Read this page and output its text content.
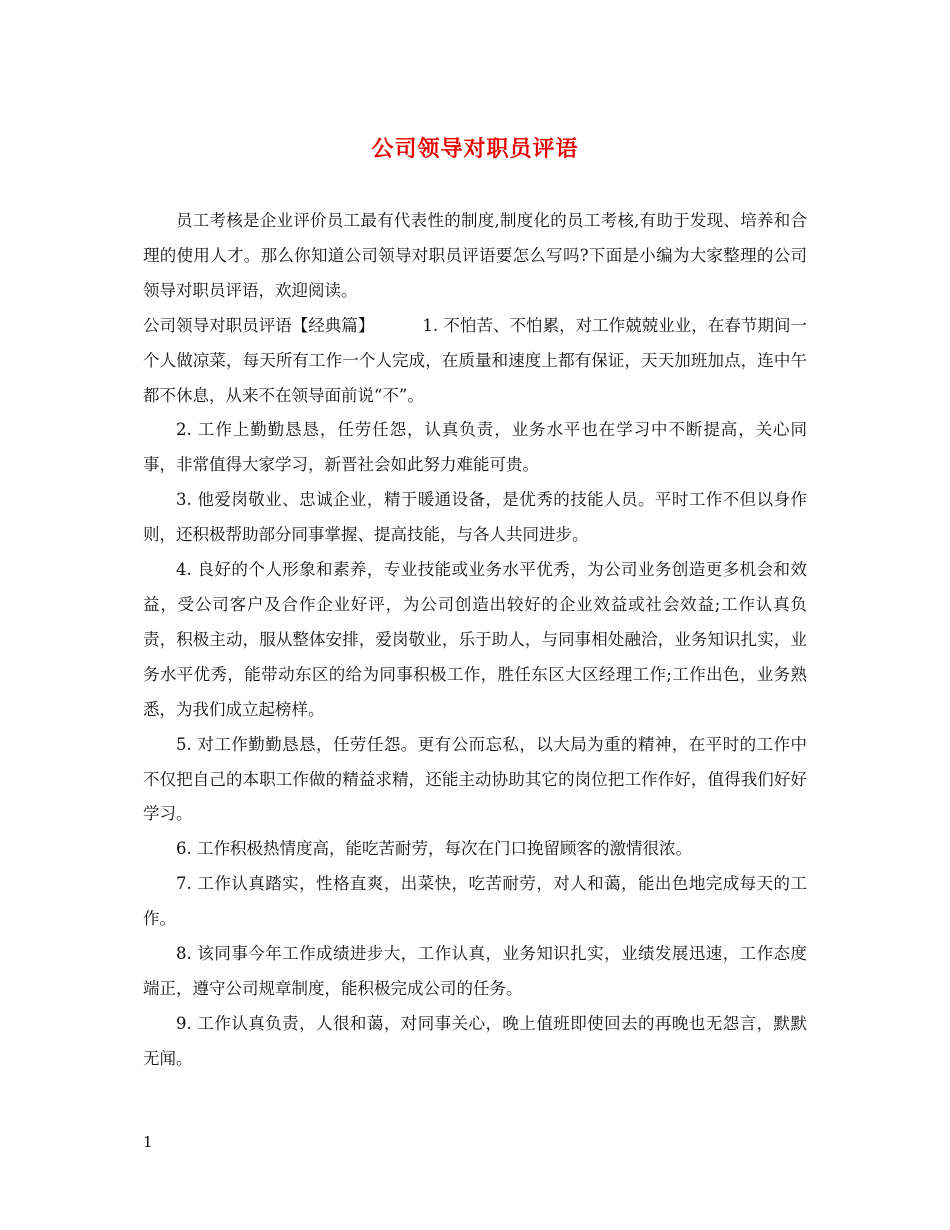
公司领导对职员评语

员工考核是企业评价员工最有代表性的制度,制度化的员工考核,有助于发现、培养和合理的使用人才。那么你知道公司领导对职员评语要怎么写吗?下面是小编为大家整理的公司领导对职员评语，欢迎阅读。

公司领导对职员评语【经典篇】	1. 不怕苦、不怕累，对工作兢兢业业，在春节期间一个人做凉菜，每天所有工作一个人完成，在质量和速度上都有保证，天天加班加点，连中午都不休息，从来不在领导面前说“不”。

2. 工作上勤勤恳恳，任劳任怨，认真负责，业务水平也在学习中不断提高，关心同事，非常值得大家学习，新晋社会如此努力难能可贵。

3. 他爱岗敬业、忠诚企业，精于暖通设备，是优秀的技能人员。平时工作不但以身作则，还积极帮助部分同事掌握、提高技能，与各人共同进步。

4. 良好的个人形象和素养，专业技能或业务水平优秀，为公司业务创造更多机会和效益，受公司客户及合作企业好评，为公司创造出较好的企业效益或社会效益;工作认真负责，积极主动，服从整体安排，爱岗敬业，乐于助人，与同事相处融洽，业务知识扎实，业务水平优秀，能带动东区的给为同事积极工作，胜任东区大区经理工作;工作出色，业务熟悉，为我们成立起榜样。

5. 对工作勤勤恳恳，任劳任怨。更有公而忘私，以大局为重的精神，在平时的工作中不仅把自己的本职工作做的精益求精，还能主动协助其它的岗位把工作作好，值得我们好好学习。

6. 工作积极热情度高，能吃苦耐劳，每次在门口挽留顾客的激情很浓。

7. 工作认真踏实，性格直爽，出菜快，吃苦耐劳，对人和蔼，能出色地完成每天的工作。

8. 该同事今年工作成绩进步大，工作认真，业务知识扎实，业绩发展迅速，工作态度端正，遵守公司规章制度，能积极完成公司的任务。

9. 工作认真负责，人很和蔼，对同事关心，晚上值班即使回去的再晚也无怨言，默默无闻。

1
